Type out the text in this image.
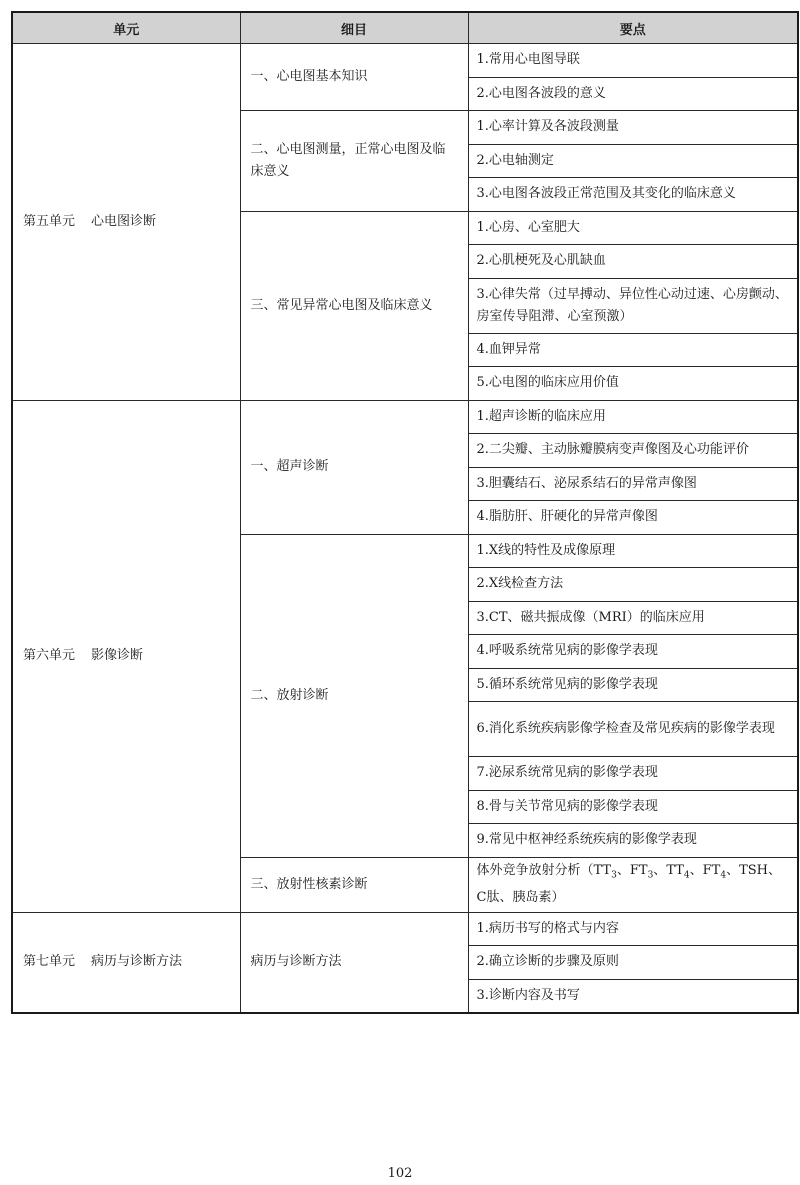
单元	细目	要点
第五单元 心电图诊断	一、心电图基本知识	1.常用心电图导联
		2.心电图各波段的意义
	二、心电图测量，正常心电图及临床意义	1.心率计算及各波段测量
		2.心电轴测定
		3.心电图各波段正常范围及其变化的临床意义
	三、常见异常心电图及临床意义	1.心房、心室肥大
		2.心肌梗死及心肌缺血
		3.心律失常（过早搏动、异位性心动过速、心房颤动、房室传导阻滞、心室预激）
		4.血钾异常
		5.心电图的临床应用价值
第六单元 影像诊断	一、超声诊断	1.超声诊断的临床应用
		2.二尖瓣、主动脉瓣膜病变声像图及心功能评价
		3.胆囊结石、泌尿系结石的异常声像图
		4.脂肪肝、肝硬化的异常声像图
	二、放射诊断	1.X线的特性及成像原理
		2.X线检查方法
		3.CT、磁共振成像（MRI）的临床应用
		4.呼吸系统常见病的影像学表现
		5.循环系统常见病的影像学表现
		6.消化系统疾病影像学检查及常见疾病的影像学表现
		7.泌尿系统常见病的影像学表现
		8.骨与关节常见病的影像学表现
		9.常见中枢神经系统疾病的影像学表现
	三、放射性核素诊断	体外竞争放射分析（$TT_3$、$FT_3$、$TT_4$、$FT_4$、TSH、C肽、胰岛素）
第七单元 病历与诊断方法	病历与诊断方法	1.病历书写的格式与内容
		2.确立诊断的步骤及原则
		3.诊断内容及书写
102
